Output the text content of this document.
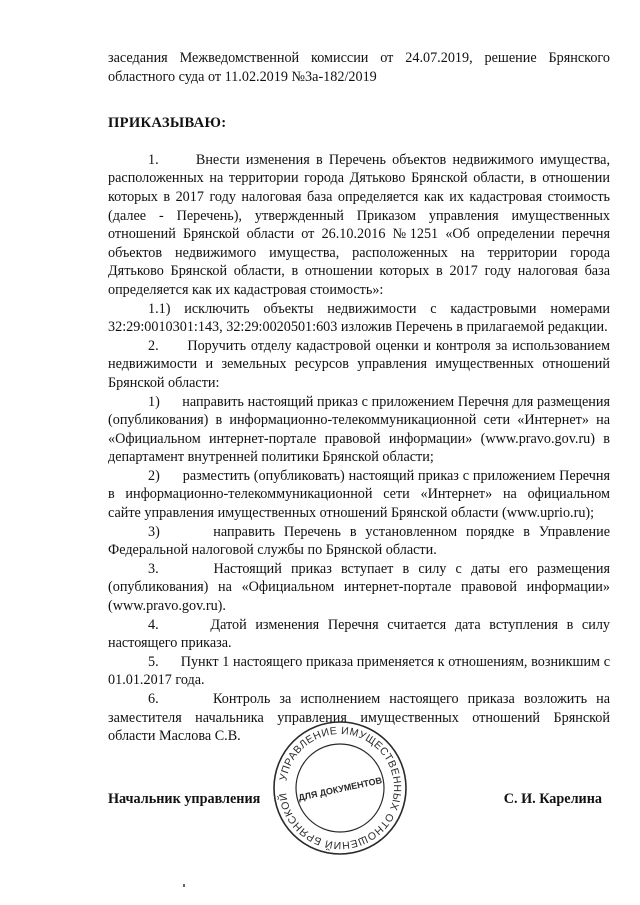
заседания Межведомственной комиссии от 24.07.2019, решение Брянского областного суда от 11.02.2019 №3а-182/2019

ПРИКАЗЫВАЮ:

1.      Внести изменения в Перечень объектов недвижимого имущества, расположенных на территории города Дятьково Брянской области, в отношении которых в 2017 году налоговая база определяется как их кадастровая стоимость (далее - Перечень), утвержденный Приказом управления имущественных отношений Брянской области от 26.10.2016 №1251 «Об определении перечня объектов недвижимого имущества, расположенных на территории города Дятьково Брянской области, в отношении которых в 2017 году налоговая база определяется как их кадастровая стоимость»:

1.1) исключить объекты недвижимости с кадастровыми номерами 32:29:0010301:143, 32:29:0020501:603 изложив Перечень в прилагаемой редакции.

2.      Поручить отделу кадастровой оценки и контроля за использованием недвижимости и земельных ресурсов управления имущественных отношений Брянской области:

1)      направить настоящий приказ с приложением Перечня для размещения (опубликования) в информационно-телекоммуникационной сети «Интернет» на «Официальном интернет-портале правовой информации» (www.pravo.gov.ru) в департамент внутренней политики Брянской области;

2)      разместить (опубликовать) настоящий приказ с приложением Перечня в информационно-телекоммуникационной сети «Интернет» на официальном сайте управления имущественных отношений Брянской области (www.uprio.ru);

3)      направить Перечень в установленном порядке в Управление Федеральной налоговой службы по Брянской области.

3.      Настоящий приказ вступает в силу с даты его размещения (опубликования) на «Официальном интернет-портале правовой информации» (www.pravo.gov.ru).

4.      Датой изменения Перечня считается дата вступления в силу настоящего приказа.

5.      Пункт 1 настоящего приказа применяется к отношениям, возникшим с 01.01.2017 года.

6.      Контроль за исполнением настоящего приказа возложить на заместителя начальника управления имущественных отношений Брянской области Маслова С.В.

УПРАВЛЕНИЕ ИМУЩЕСТВЕННЫХ ОТНОШЕНИЙ БРЯНСКОЙ ДЛЯ ДОКУМЕНТОВ
Начальник управления	С. И. Карелина
